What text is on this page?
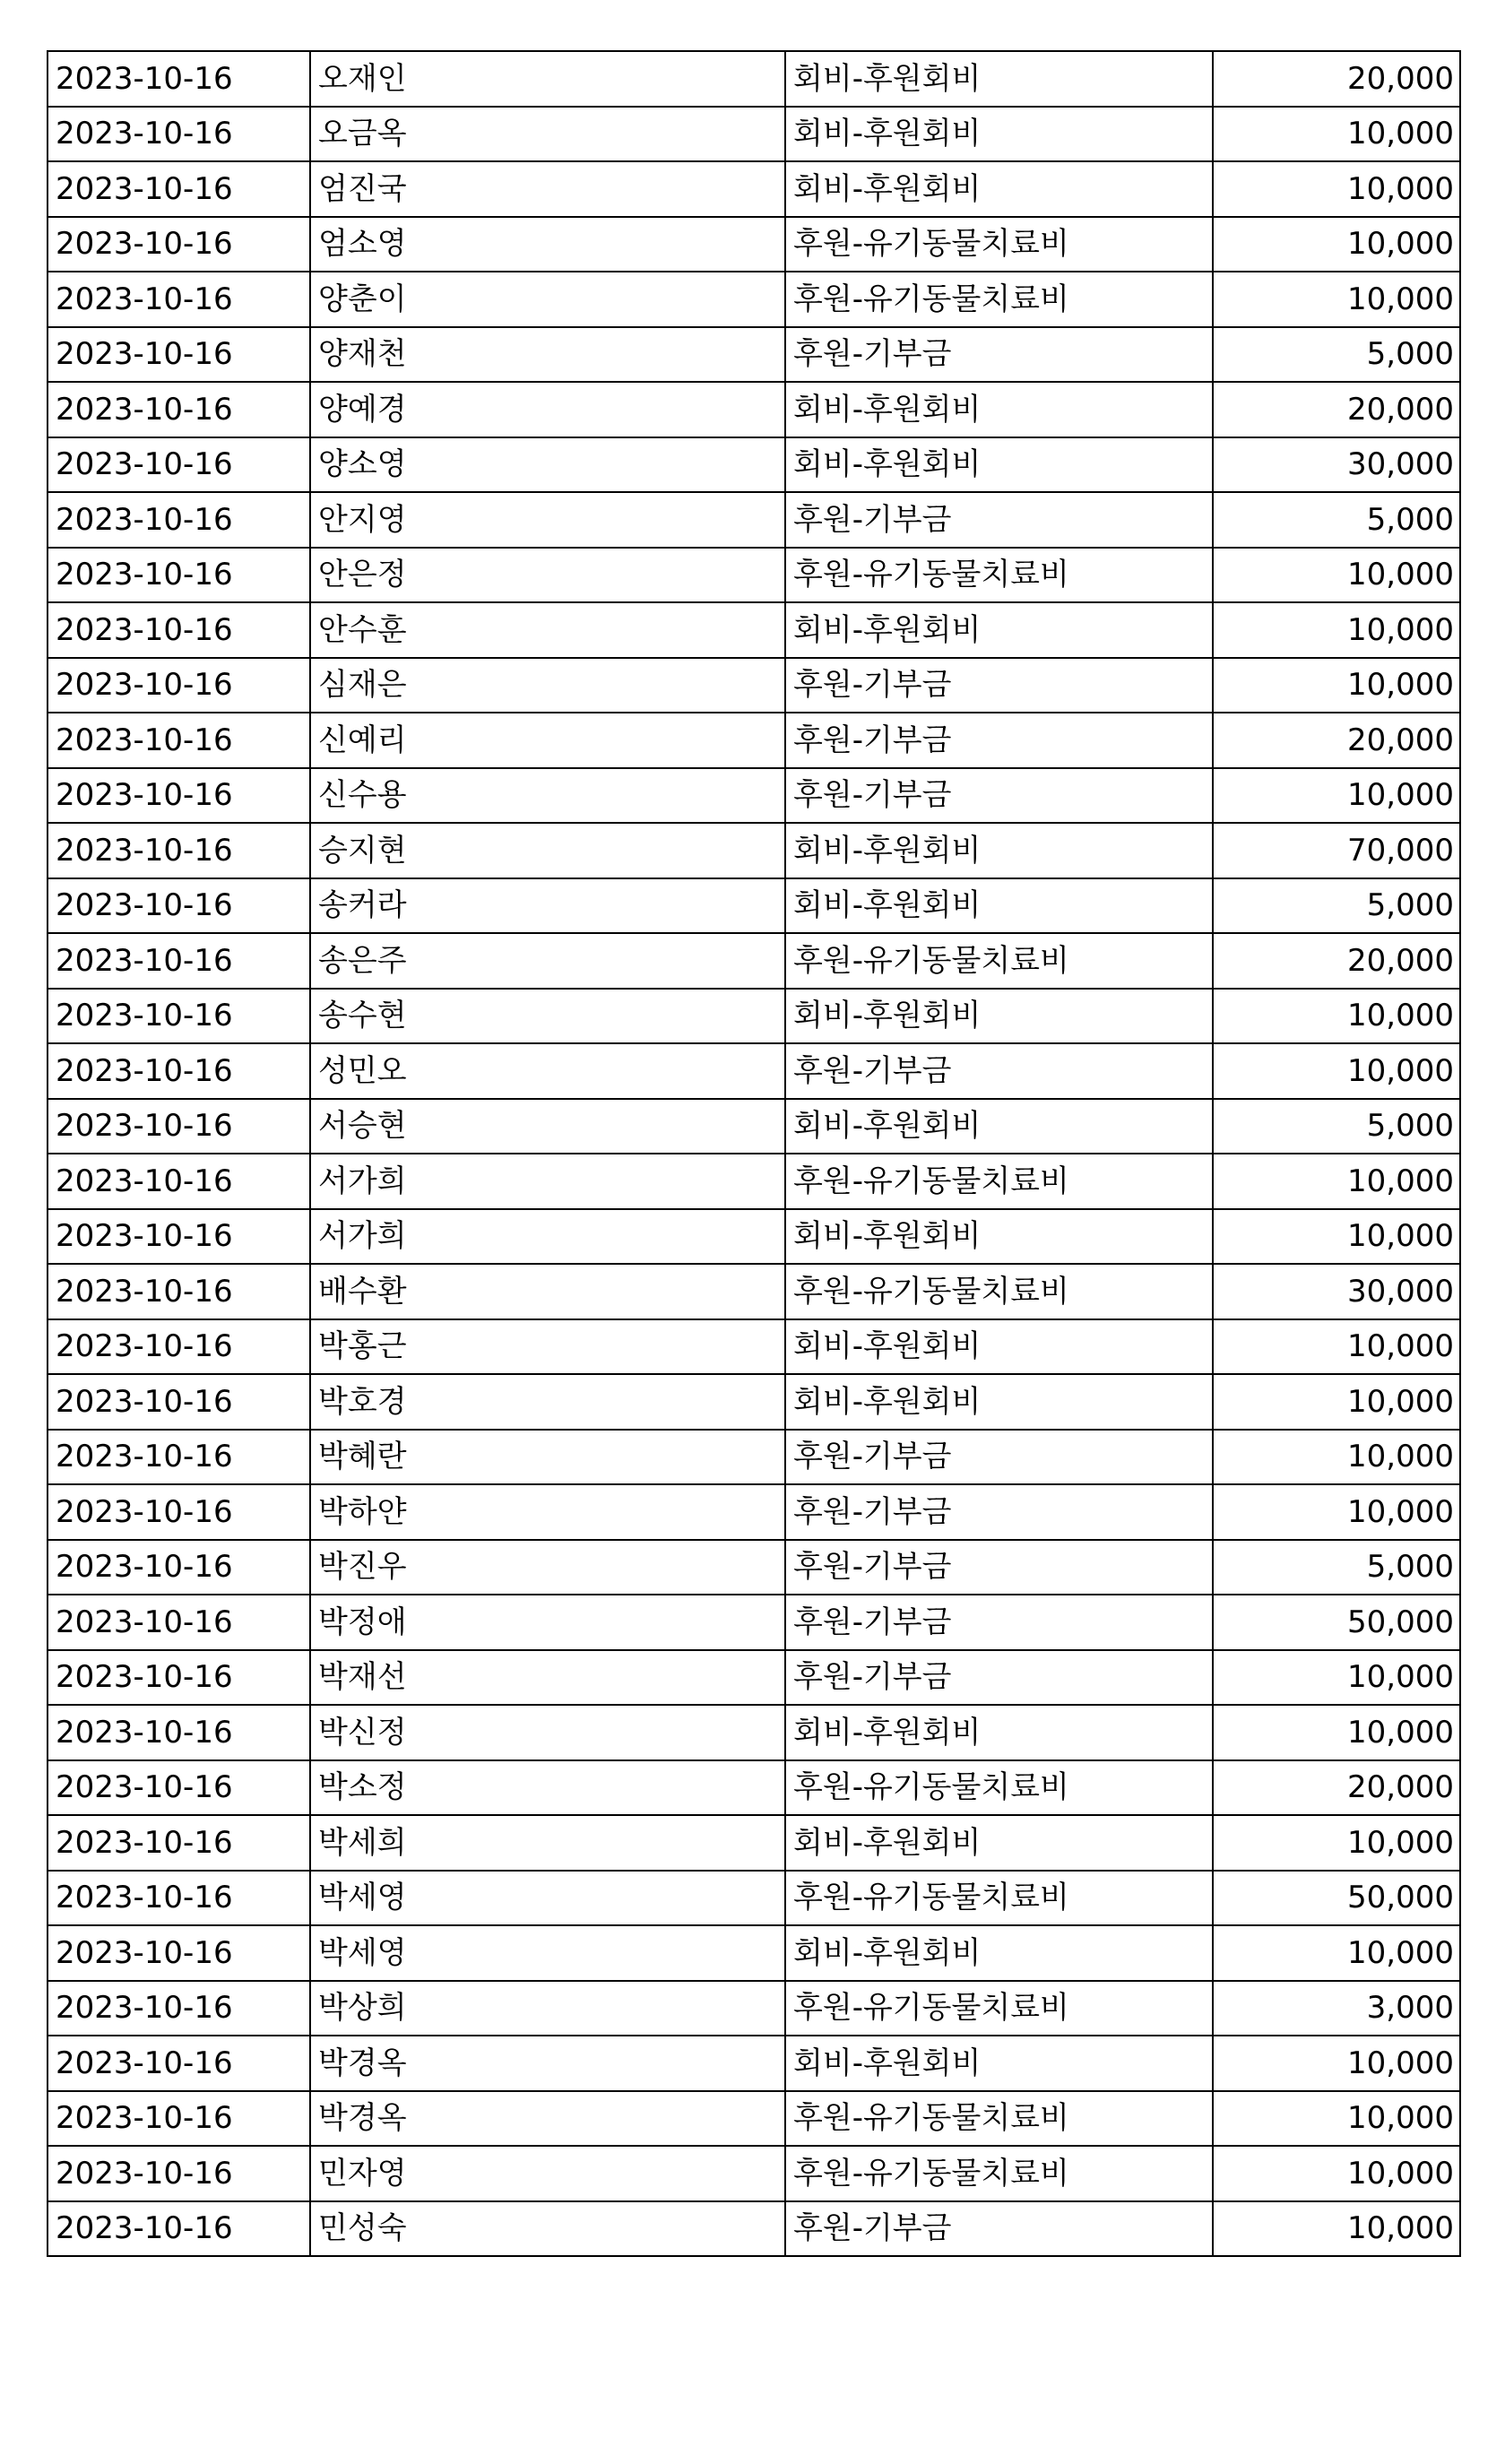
2023-10-16	오재인	회비-후원회비	20,000
2023-10-16	오금옥	회비-후원회비	10,000
2023-10-16	엄진국	회비-후원회비	10,000
2023-10-16	엄소영	후원-유기동물치료비	10,000
2023-10-16	양춘이	후원-유기동물치료비	10,000
2023-10-16	양재천	후원-기부금	5,000
2023-10-16	양예경	회비-후원회비	20,000
2023-10-16	양소영	회비-후원회비	30,000
2023-10-16	안지영	후원-기부금	5,000
2023-10-16	안은정	후원-유기동물치료비	10,000
2023-10-16	안수훈	회비-후원회비	10,000
2023-10-16	심재은	후원-기부금	10,000
2023-10-16	신예리	후원-기부금	20,000
2023-10-16	신수용	후원-기부금	10,000
2023-10-16	승지현	회비-후원회비	70,000
2023-10-16	송커라	회비-후원회비	5,000
2023-10-16	송은주	후원-유기동물치료비	20,000
2023-10-16	송수현	회비-후원회비	10,000
2023-10-16	성민오	후원-기부금	10,000
2023-10-16	서승현	회비-후원회비	5,000
2023-10-16	서가희	후원-유기동물치료비	10,000
2023-10-16	서가희	회비-후원회비	10,000
2023-10-16	배수환	후원-유기동물치료비	30,000
2023-10-16	박홍근	회비-후원회비	10,000
2023-10-16	박호경	회비-후원회비	10,000
2023-10-16	박혜란	후원-기부금	10,000
2023-10-16	박하얀	후원-기부금	10,000
2023-10-16	박진우	후원-기부금	5,000
2023-10-16	박정애	후원-기부금	50,000
2023-10-16	박재선	후원-기부금	10,000
2023-10-16	박신정	회비-후원회비	10,000
2023-10-16	박소정	후원-유기동물치료비	20,000
2023-10-16	박세희	회비-후원회비	10,000
2023-10-16	박세영	후원-유기동물치료비	50,000
2023-10-16	박세영	회비-후원회비	10,000
2023-10-16	박상희	후원-유기동물치료비	3,000
2023-10-16	박경옥	회비-후원회비	10,000
2023-10-16	박경옥	후원-유기동물치료비	10,000
2023-10-16	민자영	후원-유기동물치료비	10,000
2023-10-16	민성숙	후원-기부금	10,000
